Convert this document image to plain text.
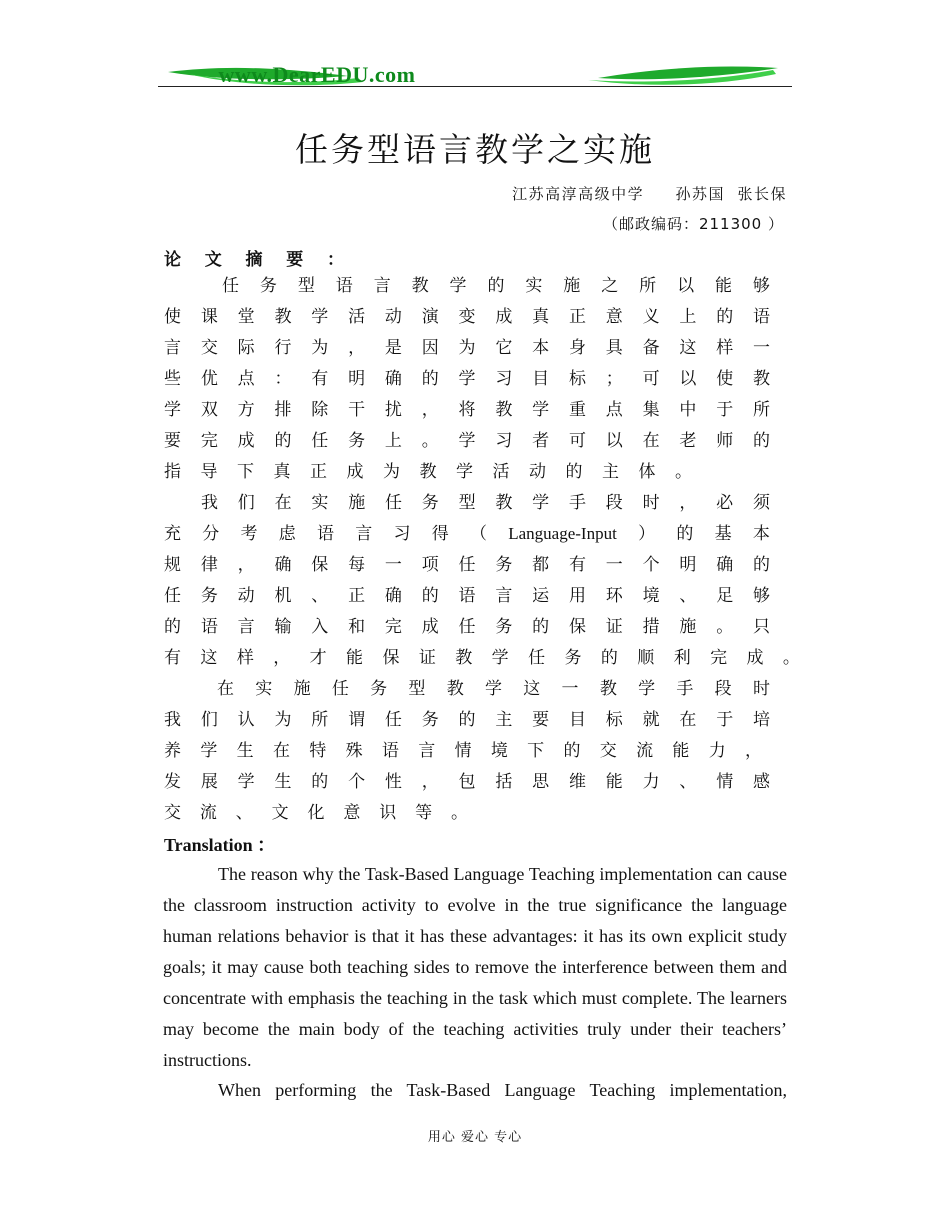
www.DearEDU.com
任务型语言教学之实施
江苏高淳高级中学     孙苏国  张长保
（邮政编码：211300 ）
论 文 摘 要 ：
任 务 型 语 言 教 学 的 实 施 之 所 以 能 够
使 课 堂 教 学 活 动 演 变 成 真 正 意 义 上 的 语
言 交 际 行 为 ， 是 因 为 它 本 身 具 备 这 样 一
些 优 点 ： 有 明 确 的 学 习 目 标 ； 可 以 使 教
学 双 方 排 除 干 扰 ， 将 教 学 重 点 集 中 于 所
要 完 成 的 任 务 上 。 学 习 者 可 以 在 老 师 的
指 导 下 真 正 成 为 教 学 活 动 的 主 体 。
我 们 在 实 施 任 务 型 教 学 手 段 时 ， 必 须
充 分 考 虑 语 言 习 得 （ Language-Input ） 的 基 本
规 律 ， 确 保 每 一 项 任 务 都 有 一 个 明 确 的
任 务 动 机 、 正 确 的 语 言 运 用 环 境 、 足 够
的 语 言 输 入 和 完 成 任 务 的 保 证 措 施 。 只
有 这 样 ， 才 能 保 证 教 学 任 务 的 顺 利 完 成 。
在 实 施 任 务 型 教 学 这 一 教 学 手 段 时
我 们 认 为 所 谓 任 务 的 主 要 目 标 就 在 于 培
养 学 生 在 特 殊 语 言 情 境 下 的 交 流 能 力 ，
发 展 学 生 的 个 性 ， 包 括 思 维 能 力 、 情 感
交 流 、 文 化 意 识 等 。
Translation ：
The reason why the Task-Based Language Teaching implementation can cause the classroom instruction activity to evolve in the true significance the language human relations behavior is that it has these advantages: it has its own explicit study goals; it may cause both teaching sides to remove the interference between them and concentrate with emphasis the teaching in the task which must complete. The learners may become the main body of the teaching activities truly under their teachers’ instructions.
When performing the Task-Based Language Teaching implementation,
用心 爱心 专心
